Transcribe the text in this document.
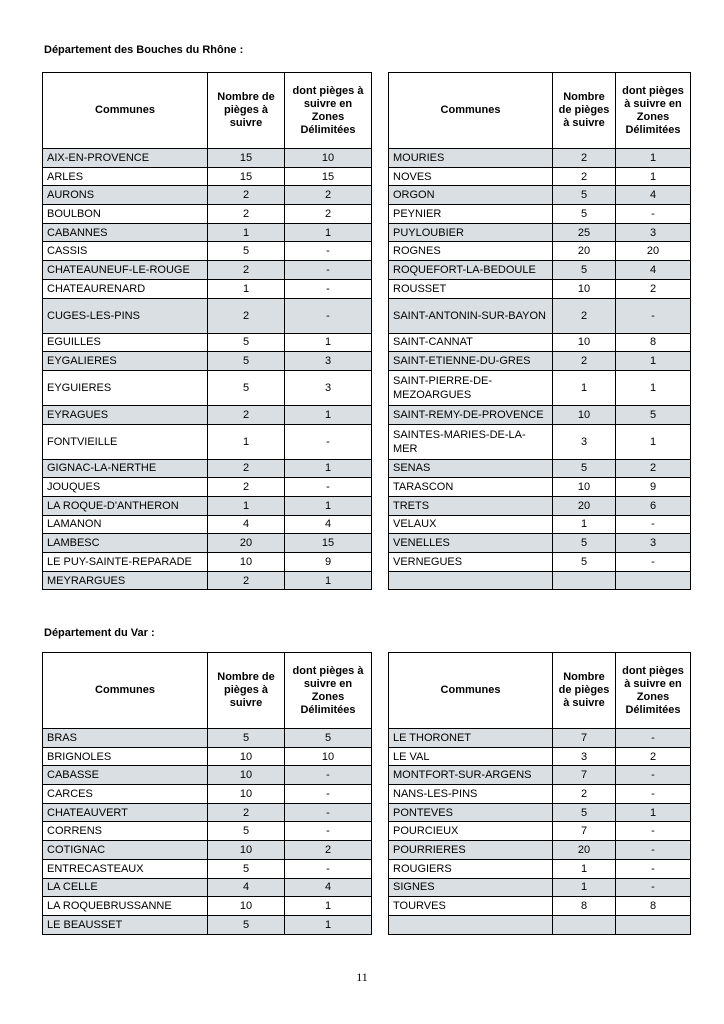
Département des Bouches du Rhône :
Communes	Nombre de pièges à suivre	dont pièges à suivre en Zones Délimitées
AIX-EN-PROVENCE	15	10
ARLES	15	15
AURONS	2	2
BOULBON	2	2
CABANNES	1	1
CASSIS	5	-
CHATEAUNEUF-LE-ROUGE	2	-
CHATEAURENARD	1	-
CUGES-LES-PINS	2	-
EGUILLES	5	1
EYGALIERES	5	3
EYGUIERES	5	3
EYRAGUES	2	1
FONTVIEILLE	1	-
GIGNAC-LA-NERTHE	2	1
JOUQUES	2	-
LA ROQUE-D'ANTHERON	1	1
LAMANON	4	4
LAMBESC	20	15
LE PUY-SAINTE-REPARADE	10	9
MEYRARGUES	2	1
Communes	Nombre de pièges à suivre	dont pièges à suivre en Zones Délimitées
MOURIES	2	1
NOVES	2	1
ORGON	5	4
PEYNIER	5	-
PUYLOUBIER	25	3
ROGNES	20	20
ROQUEFORT-LA-BEDOULE	5	4
ROUSSET	10	2
SAINT-ANTONIN-SUR-BAYON	2	-
SAINT-CANNAT	10	8
SAINT-ETIENNE-DU-GRES	2	1
SAINT-PIERRE-DE-MEZOARGUES	1	1
SAINT-REMY-DE-PROVENCE	10	5
SAINTES-MARIES-DE-LA-MER	3	1
SENAS	5	2
TARASCON	10	9
TRETS	20	6
VELAUX	1	-
VENELLES	5	3
VERNEGUES	5	-

Département du Var :
Communes	Nombre de pièges à suivre	dont pièges à suivre en Zones Délimitées
BRAS	5	5
BRIGNOLES	10	10
CABASSE	10	-
CARCES	10	-
CHATEAUVERT	2	-
CORRENS	5	-
COTIGNAC	10	2
ENTRECASTEAUX	5	-
LA CELLE	4	4
LA ROQUEBRUSSANNE	10	1
LE BEAUSSET	5	1
Communes	Nombre de pièges à suivre	dont pièges à suivre en Zones Délimitées
LE THORONET	7	-
LE VAL	3	2
MONTFORT-SUR-ARGENS	7	-
NANS-LES-PINS	2	-
PONTEVES	5	1
POURCIEUX	7	-
POURRIERES	20	-
ROUGIERS	1	-
SIGNES	1	-
TOURVES	8	8

11
